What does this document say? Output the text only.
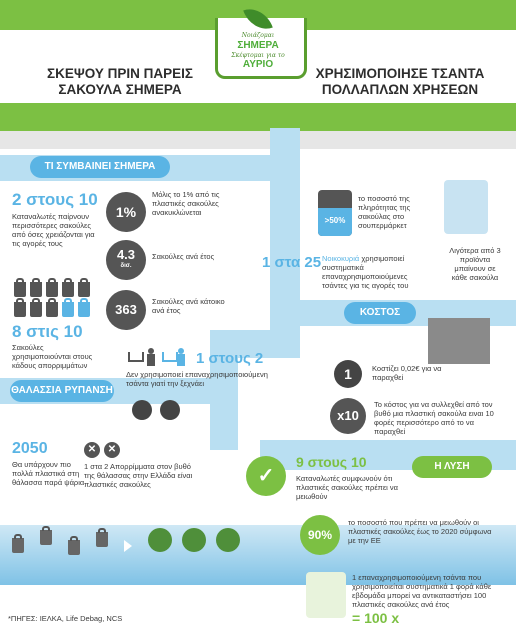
Νοιάζομαι
ΣΗΜΕΡΑ
Σκέφτομαι για το
ΑΥΡΙΟ
ΣΚΕΨΟΥ ΠΡΙΝ ΠΑΡΕΙΣ ΣΑΚΟΥΛΑ ΣΗΜΕΡΑ
ΧΡΗΣΙΜΟΠΟΙΗΣΕ ΤΣΑΝΤΑ ΠΟΛΛΑΠΛΩΝ ΧΡΗΣΕΩΝ
ΤΙ ΣΥΜΒΑΙΝΕΙ ΣΗΜΕΡΑ
2 στους 10
Καταναλωτές παίρνουν περισσότερες σακούλες από όσες χρειάζονται για τις αγορές τους
8 στις 10
Σακούλες χρησιμοποιούνται στους κάδους απορριμμάτων
1%
Μόλις το 1% από τις πλαστικές σακούλες ανακυκλώνεται
4.3
δισ.
Σακούλες ανά έτος
363
Σακούλες ανά κάτοικο ανά έτος
1 στους 2
Δεν χρησιμοποιεί επαναχρησιμοποιούμενη τσάντα γιατί την ξεχνάει
ΘΑΛΑΣΣΙΑ ΡΥΠΑΝΣΗ
2050
Θα υπάρχουν πιο πολλά πλαστικά στη θάλασσα παρά ψάρια
✕	✕
1 στα 2 Απορρίμματα στον βυθό της θάλασσας στην Ελλάδα είναι πλαστικές σακούλες
>50%
το ποσοστό της πληρότητας της σακούλας στο σουπερμάρκετ
Λιγότερα από 3 προϊόντα μπαίνουν σε κάθε σακούλα
1 στα 25 Νοικοκυριά χρησιμοποιεί συστηματικά επαναχρησιμοποιούμενες τσάντες για τις αγορές του
ΚΟΣΤΟΣ
1	Κοστίζει 0,02€ για να παραχθεί
x10
Το κόστος για να συλλεχθεί από τον βυθό μια πλαστική σακούλα ειναι 10 φορές περισσότερο από το να παραχθεί
Η ΛΥΣΗ
✓
9 στους 10
Καταναλωτές συμφωνούν ότι πλαστικές σακούλες πρέπει να μειωθούν
90%
το ποσοστό που πρέπει να μειωθούν οι πλαστικές σακούλες έως το 2020 σύμφωνα με την ΕΕ
1 επαναχρησιμοποιούμενη τσάντα που χρησιμοποιείται συστηματικά 1 φορά κάθε εβδομάδα μπορεί να αντικαταστήσει 100 πλαστικές σακούλες ανά έτος
= 100 x
*ΠΗΓΕΣ: ΙΕΛΚΑ, Life Debag, NCS
